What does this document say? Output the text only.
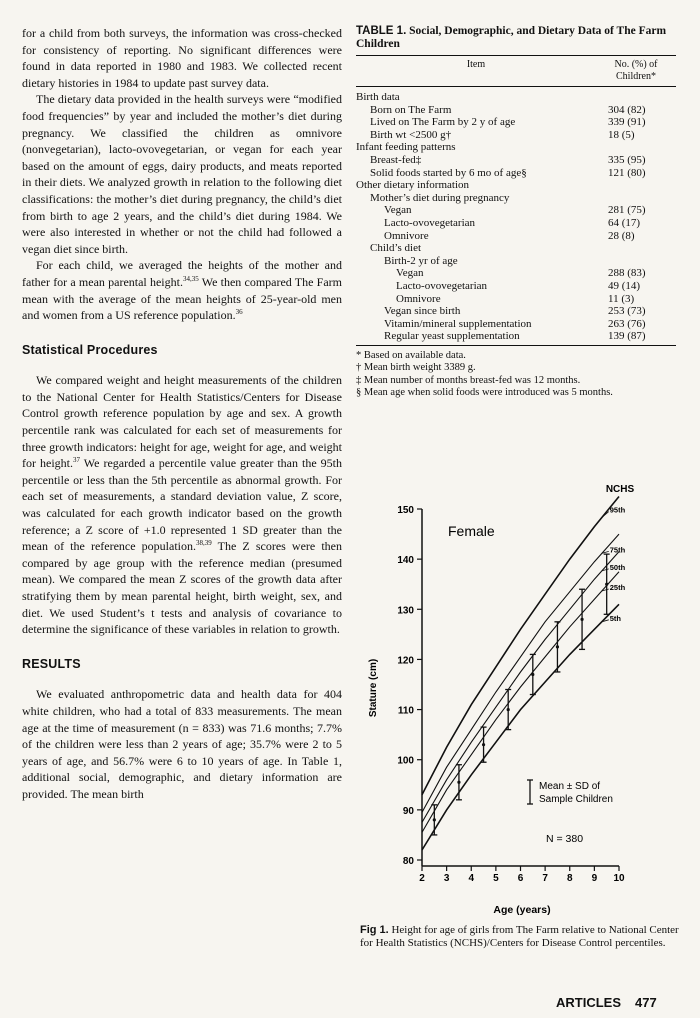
for a child from both surveys, the information was cross-checked for consistency of reporting. No significant differences were found in data reported in 1980 and 1983. We collected recent dietary histories in 1984 to update past survey data.

The dietary data provided in the health surveys were “modified food frequencies” by year and included the mother’s diet during pregnancy. We classified the children as omnivore (nonvegetarian), lacto-ovovegetarian, or vegan for each year based on the amount of eggs, dairy products, and meats reported in their diets. We analyzed growth in relation to the following diet classifications: the mother’s diet during pregnancy, the child’s diet from birth to age 2 years, and the child’s diet during 1984. We were also interested in whether or not the child had followed a vegan diet since birth.

For each child, we averaged the heights of the mother and father for a mean parental height.$^{34,35}$ We then compared The Farm mean with the average of the mean heights of 25-year-old men and women from a US reference population.$^{36}$

Statistical Procedures

We compared weight and height measurements of the children to the National Center for Health Statistics/Centers for Disease Control growth reference population by age and sex. A growth percentile rank was calculated for each set of measurements for three growth indicators: height for age, weight for age, and weight for height.$^{37}$ We regarded a percentile value greater than the 95th percentile or less than the 5th percentile as abnormal growth. For each set of measurements, a standard deviation value, Z score, was calculated for each growth indicator based on the growth reference; a Z score of +1.0 represented 1 SD greater than the mean of the reference population.$^{38,39}$ The Z scores were then compared by age group with the reference median (presumed mean). We compared the mean Z scores of the growth data after stratifying them by mean parental height, birth weight, sex, and diet. We used Student’s t tests and analysis of covariance to determine the significance of these variables in relation to growth.

RESULTS

We evaluated anthropometric data and health data for 404 white children, who had a total of 833 measurements. The mean age at the time of measurement (n = 833) was 71.6 months; 7.7% of the children were less than 2 years of age; 35.7% were 2 to 5 years of age, and 56.7% were 6 to 10 years of age. In Table 1, additional social, demographic, and dietary information are provided. The mean birth

TABLE 1. Social, Demographic, and Dietary Data of The Farm Children
Item	No. (%) of Children*
Birth data	
Born on The Farm	304 (82)
Lived on The Farm by 2 y of age	339 (91)
Birth wt <2500 g†	18 (5)
Infant feeding patterns	
Breast-fed‡	335 (95)
Solid foods started by 6 mo of age§	121 (80)
Other dietary information	
Mother’s diet during pregnancy	
Vegan	281 (75)
Lacto-ovovegetarian	64 (17)
Omnivore	28 (8)
Child’s diet	
Birth-2 yr of age	
Vegan	288 (83)
Lacto-ovovegetarian	49 (14)
Omnivore	11 (3)
Vegan since birth	253 (73)
Vitamin/mineral supplementation	263 (76)
Regular yeast supplementation	139 (87)
* Based on available data.
† Mean birth weight 3389 g.
‡ Mean number of months breast-fed was 12 months.
§ Mean age when solid foods were introduced was 5 months.
NCHS
Female
Stature (cm)
Age (years)
Mean ± SD of
Sample Children
N = 380
80
90
100
110
120
130
140
150
2 3 4 5 6 7 8 9 10
95th
75th
50th
25th
5th
Fig 1. Height for age of girls from The Farm relative to National Center for Health Statistics (NCHS)/Centers for Disease Control percentiles.
ARTICLES 477
